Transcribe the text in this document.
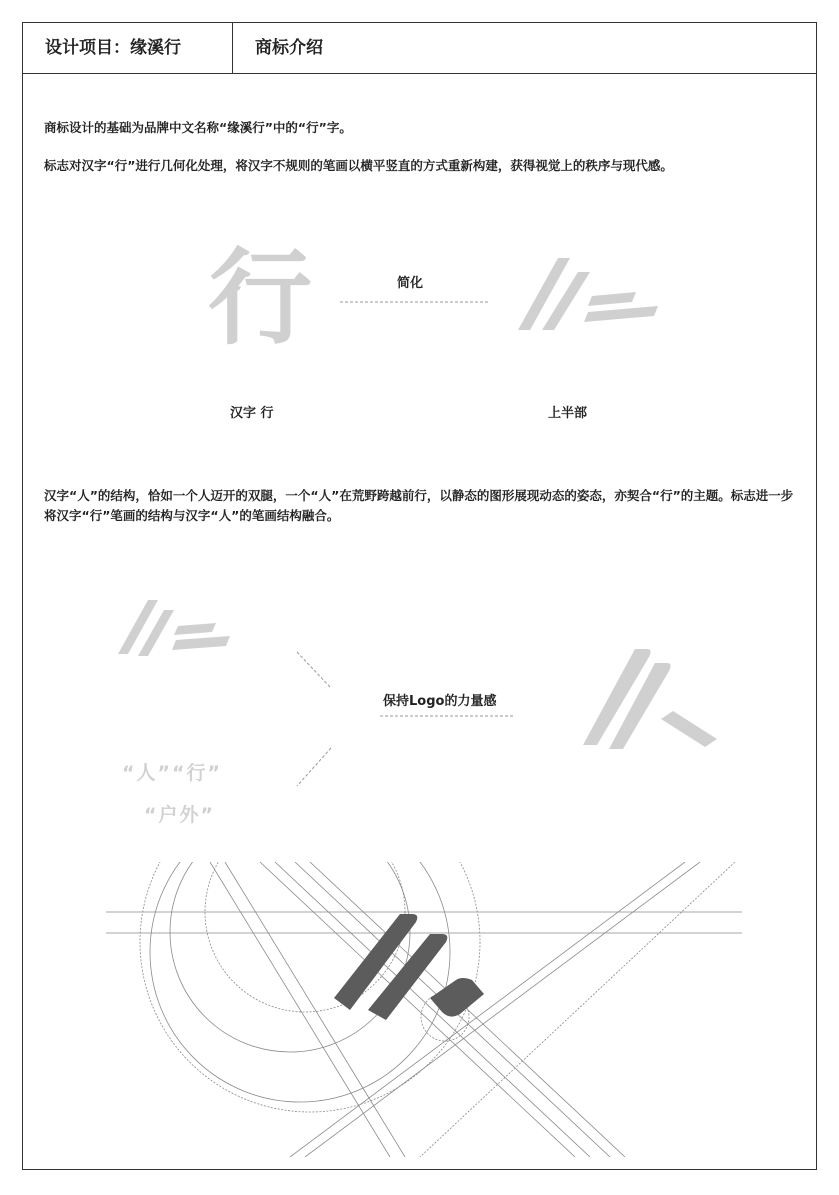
设计项目：缘溪行	商标介绍

商标设计的基础为品牌中文名称“缘溪行”中的“行”字。

标志对汉字“行”进行几何化处理，将汉字不规则的笔画以横平竖直的方式重新构建，获得视觉上的秩序与现代感。

行	简化
汉字 行	上半部

汉字“人”的结构，恰如一个人迈开的双腿，一个“人”在荒野跨越前行，以静态的图形展现动态的姿态，亦契合“行”的主题。标志进一步将汉字“行”笔画的结构与汉字“人”的笔画结构融合。

“人”“行”
“户外”
保持Logo的力量感
